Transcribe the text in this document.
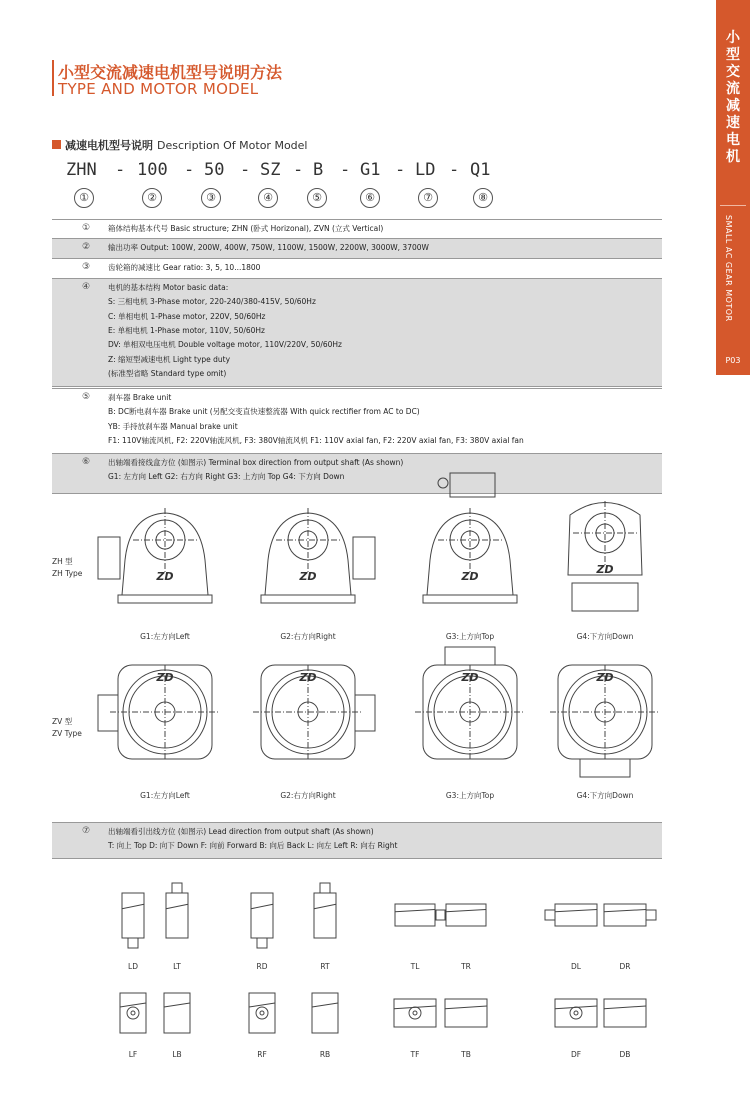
小
型
交
流
减
速
电
机
SMALL AC GEAR MOTOR
P03
小型交流减速电机型号说明方法
TYPE AND MOTOR MODEL
减速电机型号说明 Description Of Motor Model
ZHN - 100 - 50 - SZ - B - G1 - LD - Q1
①	②	③	④	⑤	⑥	⑦	⑧
① 箱体结构基本代号 Basic structure; ZHN (卧式 Horizonal), ZVN (立式 Vertical)
② 输出功率 Output: 100W, 200W, 400W, 750W, 1100W, 1500W, 2200W, 3000W, 3700W
③ 齿轮箱的减速比 Gear ratio: 3, 5, 10...1800
④ 电机的基本结构 Motor basic data:
S: 三相电机 3-Phase motor, 220-240/380-415V, 50/60Hz
C: 单相电机 1-Phase motor, 220V, 50/60Hz
E: 单相电机 1-Phase motor, 110V, 50/60Hz
DV: 单相双电压电机 Double voltage motor, 110V/220V, 50/60Hz
Z: 缩短型减速电机 Light type duty
(标准型省略 Standard type omit)
⑤ 刹车器 Brake unit
B: DC断电刹车器 Brake unit (另配交变直快速整流器 With quick rectifier from AC to DC)
YB: 手持放刹车器 Manual brake unit
F1: 110V轴流风机, F2: 220V轴流风机, F3: 380V轴流风机 F1: 110V axial fan, F2: 220V axial fan, F3: 380V axial fan
⑥ 出轴端看接线盒方位 (如图示) Terminal box direction from output shaft (As shown)
G1: 左方向 Left G2: 右方向 Right G3: 上方向 Top G4: 下方向 Down
⑦ 出轴端看引出线方位 (如图示) Lead direction from output shaft (As shown)
T: 向上 Top D: 向下 Down F: 向前 Forward B: 向后 Back L: 向左 Left R: 向右 Right
ZH 型
ZH Type
ZV 型
ZV Type
ZD
G1:左方向Left
ZD
G2:右方向Right
ZD
G3:上方向Top
ZD
G4:下方向Down
ZD
G1:左方向Left
ZD
G2:右方向Right
ZD
G3:上方向Top
ZD
G4:下方向Down
LD	LT	RD	RT	TL	TR	DL	DR
LF	LB	RF	RB	TF	TB	DF	DB
